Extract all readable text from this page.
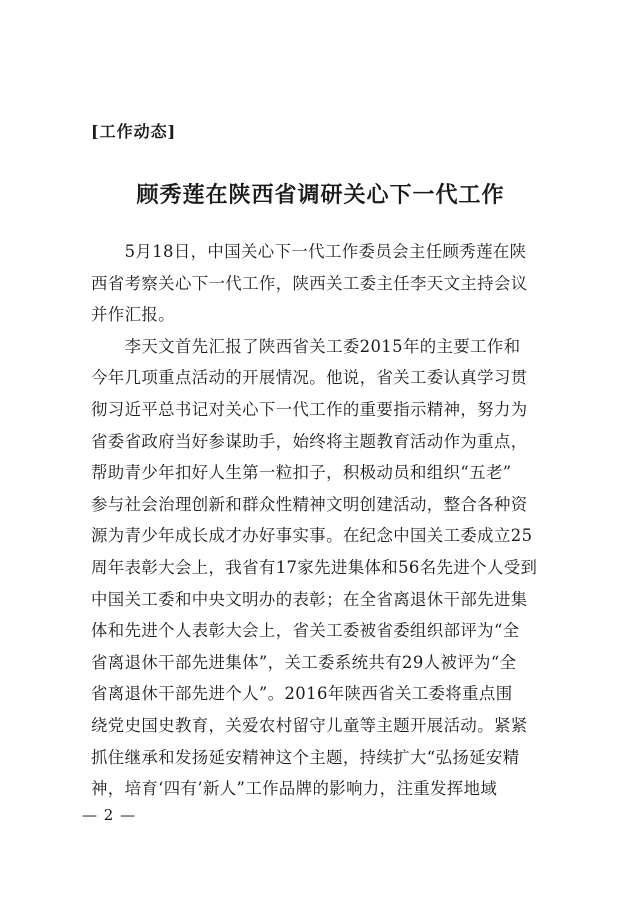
[工作动态]
顾秀莲在陕西省调研关心下一代工作
　　5月18日，中国关心下一代工作委员会主任顾秀莲在陕
西省考察关心下一代工作，陕西关工委主任李天文主持会议
并作汇报。
　　李天文首先汇报了陕西省关工委2015年的主要工作和
今年几项重点活动的开展情况。他说，省关工委认真学习贯
彻习近平总书记对关心下一代工作的重要指示精神，努力为
省委省政府当好参谋助手，始终将主题教育活动作为重点，
帮助青少年扣好人生第一粒扣子，积极动员和组织“五老”
参与社会治理创新和群众性精神文明创建活动，整合各种资
源为青少年成长成才办好事实事。在纪念中国关工委成立25
周年表彰大会上，我省有17家先进集体和56名先进个人受到
中国关工委和中央文明办的表彰；在全省离退休干部先进集
体和先进个人表彰大会上，省关工委被省委组织部评为“全
省离退休干部先进集体”，关工委系统共有29人被评为“全
省离退休干部先进个人”。2016年陕西省关工委将重点围
绕党史国史教育，关爱农村留守儿童等主题开展活动。紧紧
抓住继承和发扬延安精神这个主题，持续扩大“弘扬延安精
神，培育‘四有’新人”工作品牌的影响力，注重发挥地域
— 2 —
